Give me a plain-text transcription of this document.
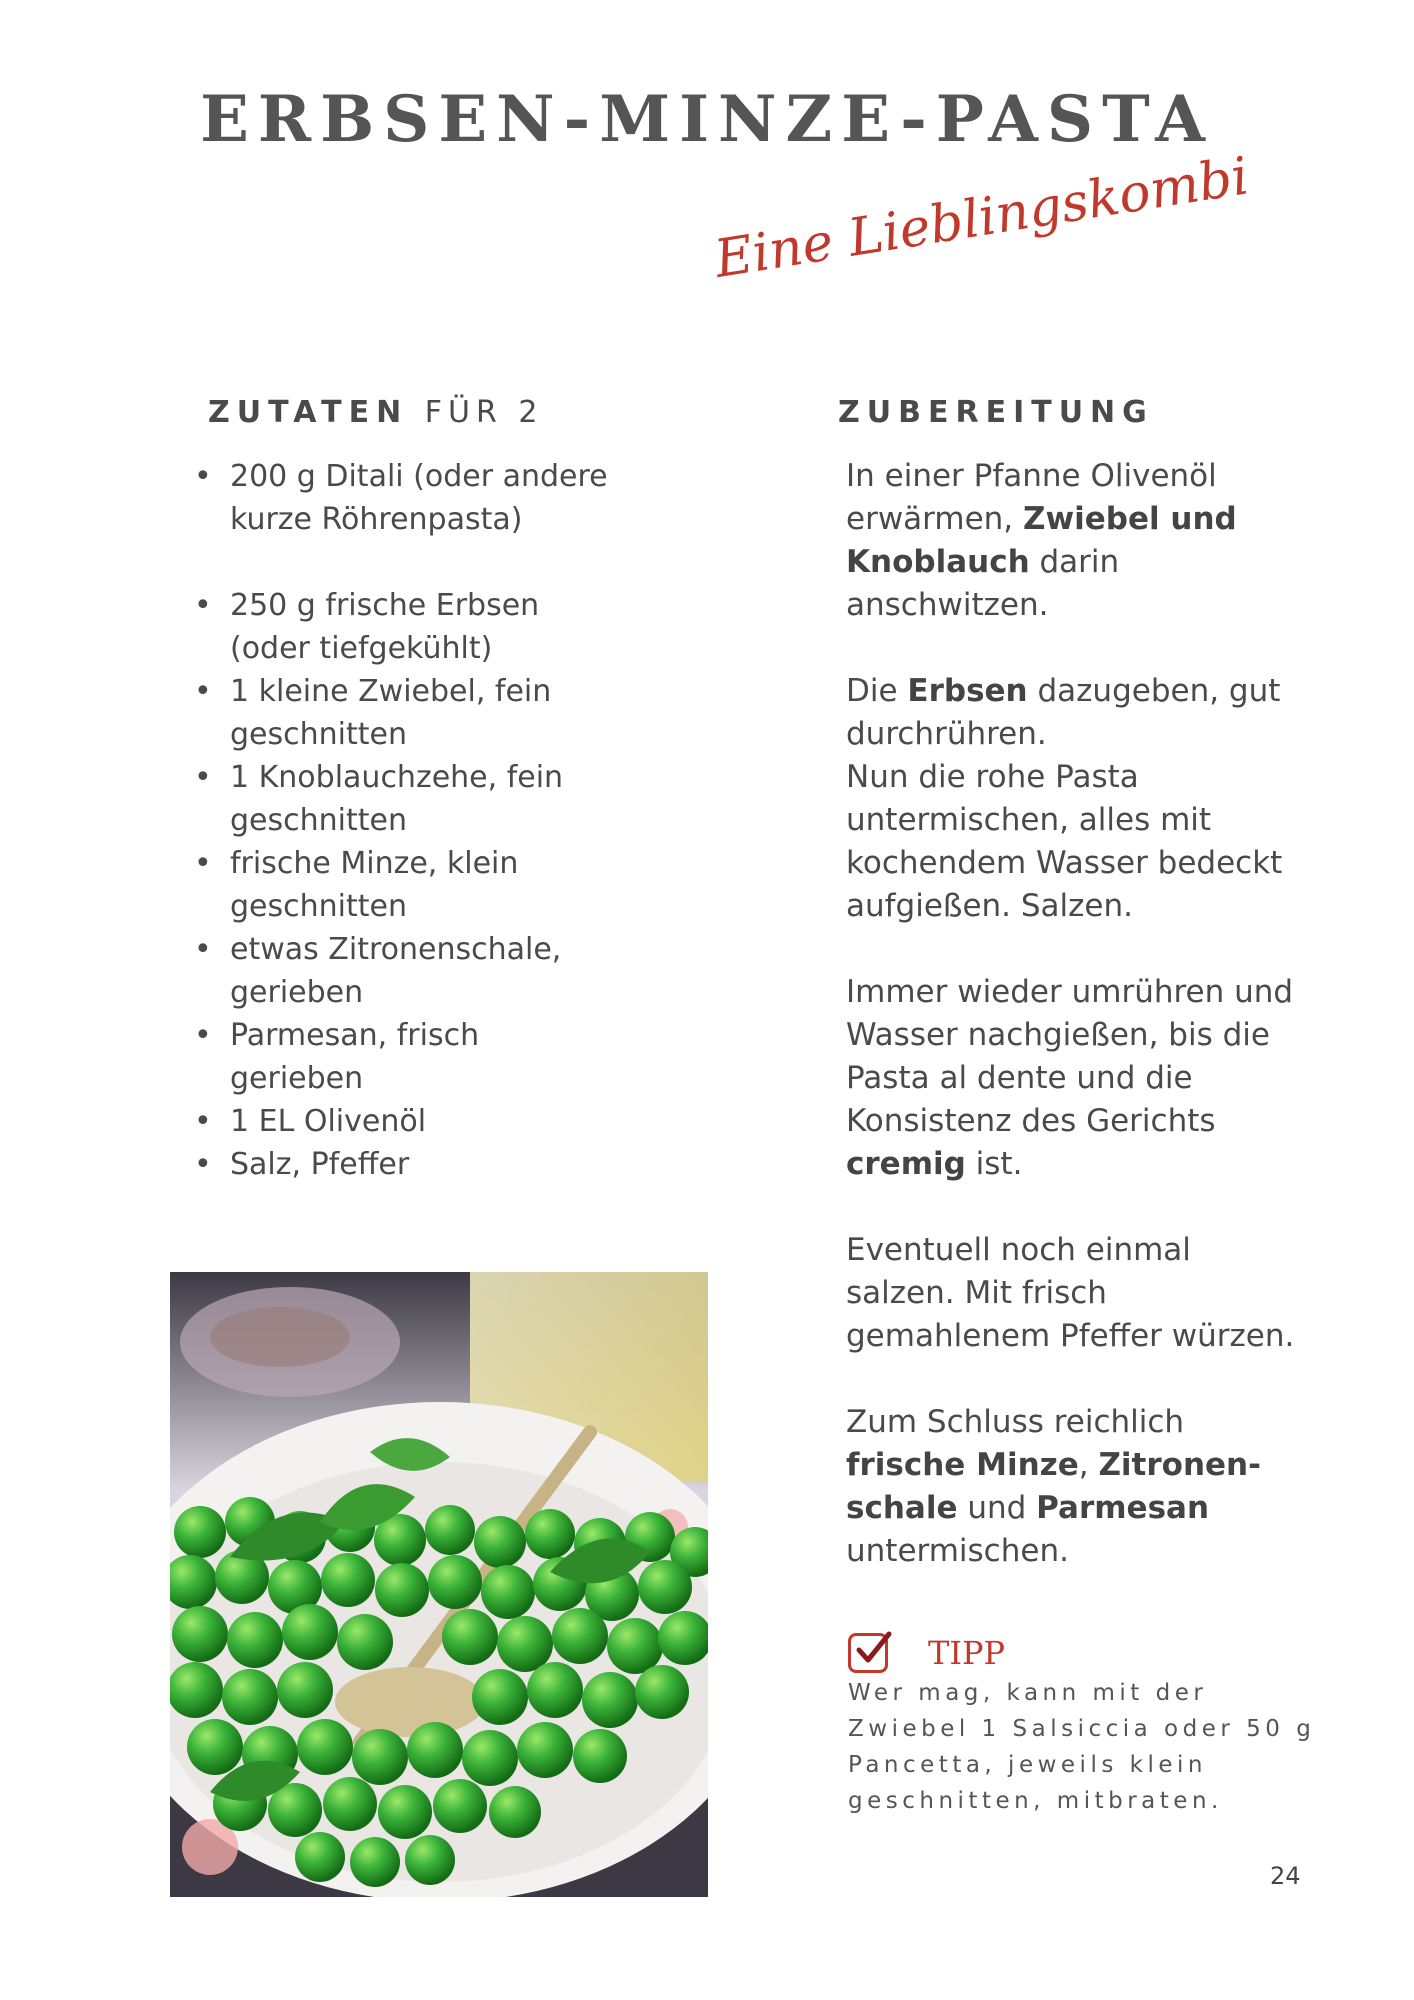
ERBSEN-MINZE-PASTA
Eine Lieblingskombi
ZUTATEN FÜR 2
• 200 g Ditali (oder andere kurze Röhrenpasta)
• 250 g frische Erbsen (oder tiefgekühlt)
• 1 kleine Zwiebel, fein geschnitten
• 1 Knoblauchzehe, fein geschnitten
• frische Minze, klein geschnitten
• etwas Zitronenschale, gerieben
• Parmesan, frisch gerieben
• 1 EL Olivenöl
• Salz, Pfeffer
ZUBEREITUNG

In einer Pfanne Olivenöl erwärmen, Zwiebel und Knoblauch darin anschwitzen.

Die Erbsen dazugeben, gut durchrühren.

Nun die rohe Pasta untermischen, alles mit kochendem Wasser bedeckt aufgießen. Salzen.

Immer wieder umrühren und Wasser nachgießen, bis die Pasta al dente und die Konsistenz des Gerichts cremig ist.

Eventuell noch einmal salzen. Mit frisch gemahlenem Pfeffer würzen.

Zum Schluss reichlich frische Minze, Zitronen-schale und Parmesan untermischen.

TIPP
Wer mag, kann mit der Zwiebel 1 Salsiccia oder 50 g Pancetta, jeweils klein geschnitten, mitbraten.
24
